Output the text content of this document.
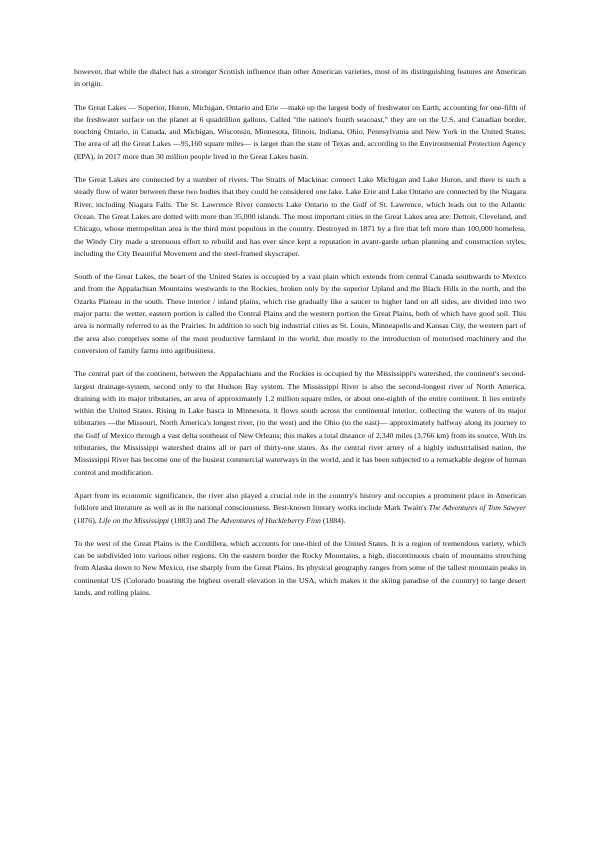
however, that while the dialect has a stronger Scottish influence than other American varieties, most of its distinguishing features are American in origin.

The Great Lakes — Superior, Huron, Michigan, Ontario and Erie —make up the largest body of freshwater on Earth, accounting for one-fifth of the freshwater surface on the planet at 6 quadrillion gallons. Called "the nation's fourth seacoast," they are on the U.S. and Canadian border, touching Ontario, in Canada, and Michigan, Wisconsin, Minnesota, Illinois, Indiana, Ohio, Pennsylvania and New York in the United States. The area of all the Great Lakes —95,160 square miles— is larger than the state of Texas and, according to the Environmental Protection Agency (EPA), in 2017 more than 30 million people lived in the Great Lakes basin.

The Great Lakes are connected by a number of rivers. The Straits of Mackinac connect Lake Michigan and Lake Huron, and there is such a steady flow of water between these two bodies that they could be considered one lake. Lake Erie and Lake Ontario are connected by the Niagara River, including Niagara Falls. The St. Lawrence River connects Lake Ontario to the Gulf of St. Lawrence, which leads out to the Atlantic Ocean. The Great Lakes are dotted with more than 35,000 islands. The most important cities in the Great Lakes area are: Detroit, Cleveland, and Chicago, whose metropolitan area is the third most populous in the country. Destroyed in 1871 by a fire that left more than 100,000 homeless, the Windy City made a strenuous effort to rebuild and has ever since kept a reputation in avant-garde urban planning and construction styles, including the City Beautiful Movement and the steel-framed skyscraper.

South of the Great Lakes, the heart of the United States is occupied by a vast plain which extends from central Canada southwards to Mexico and from the Appalachian Mountains westwards to the Rockies, broken only by the superior Upland and the Black Hills in the north, and the Ozarks Plateau in the south. These interior / inland plains, which rise gradually like a saucer to higher land on all sides, are divided into two major parts: the wetter, eastern portion is called the Central Plains and the western portion the Great Plains, both of which have good soil. This area is normally referred to as the Prairies. In addition to such big industrial cities as St. Louis, Minneapolis and Kansas City, the western part of the area also comprises some of the most productive farmland in the world, due mostly to the introduction of motorised machinery and the conversion of family farms into agribusiness.

The central part of the continent, between the Appalachians and the Rockies is occupied by the Mississippi's watershed, the continent's second-largest drainage-system, second only to the Hudson Bay system. The Mississippi River is also the second-longest river of North America, draining with its major tributaries, an area of approximately 1.2 million square miles, or about one-eighth of the entire continent. It lies entirely within the United States. Rising in Lake Itasca in Minnesota, it flows south across the continental interior, collecting the waters of its major tributaries —the Missouri, North America's longest river, (to the west) and the Ohio (to the east)— approximately halfway along its journey to the Gulf of Mexico through a vast delta southeast of New Orleans; this makes a total distance of 2,340 miles (3,766 km) from its source. With its tributaries, the Mississippi watershed drains all or part of thirty-one states. As the central river artery of a highly industrialised nation, the Mississippi River has become one of the busiest commercial waterways in the world, and it has been subjected to a remarkable degree of human control and modification.

Apart from its economic significance, the river also played a crucial role in the country's history and occupies a prominent place in American folklore and literature as well as in the national consciousness. Best-known literary works include Mark Twain's The Adventures of Tom Sawyer (1876), Life on the Mississippi (1883) and The Adventures of Huckleberry Finn (1884).

To the west of the Great Plains is the Cordillera, which accounts for one-third of the United States. It is a region of tremendous variety, which can be subdivided into various other regions. On the eastern border the Rocky Mountains, a high, discontinuous chain of mountains stretching from Alaska down to New Mexico, rise sharply from the Great Plains. Its physical geography ranges from some of the tallest mountain peaks in continental US (Colorado boasting the highest overall elevation in the USA, which makes it the skiing paradise of the country) to large desert lands, and rolling plains.
